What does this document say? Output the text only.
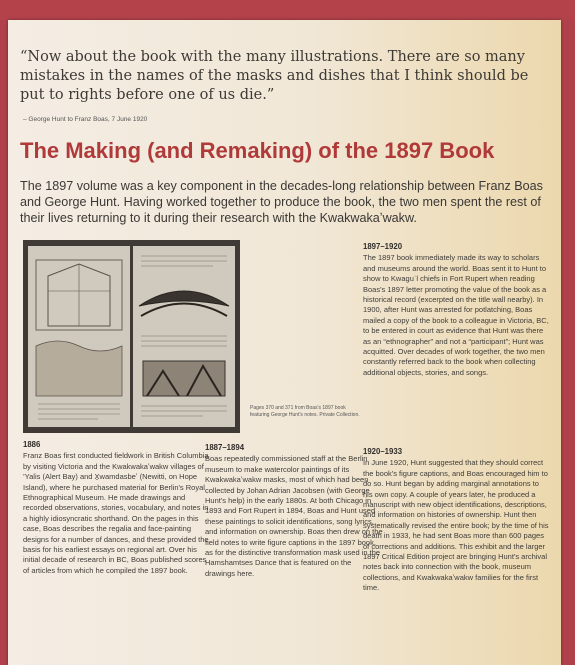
“Now about the book with the many illustrations. There are so many mistakes in the names of the masks and dishes that I think should be put to rights before one of us die.”
– George Hunt to Franz Boas, 7 June 1920
The Making (and Remaking) of the 1897 Book
The 1897 volume was a key component in the decades-long relationship between Franz Boas and George Hunt. Having worked together to produce the book, the two men spent the rest of their lives returning to it during their research with the Kwakwakaʼwakw.
Pages 370 and 371 from Boas's 1897 book featuring George Hunt's notes. Private Collection.
1886

Franz Boas first conducted fieldwork in British Columbia by visiting Victoria and the Kwakwakaʼwakw villages of ’Yalis (Alert Bay) and X̱wamdasbeʼ (Newitti, on Hope Island), where he purchased material for Berlin's Royal Ethnographical Museum. He made drawings and recorded observations, stories, vocabulary, and notes in a highly idiosyncratic shorthand. On the pages in this case, Boas describes the regalia and face-painting designs for a number of dances, and these provided the basis for his earliest essays on regional art. Over his initial decade of research in BC, Boas published scores of articles from which he compiled the 1897 book.

1887–1894

Boas repeatedly commissioned staff at the Berlin museum to make watercolor paintings of its Kwakwakaʼwakw masks, most of which had been collected by Johan Adrian Jacobsen (with George Hunt's help) in the early 1880s. At both Chicago in 1893 and Fort Rupert in 1894, Boas and Hunt used these paintings to solicit identifications, song lyrics, and information on ownership. Boas then drew on the field notes to write figure captions in the 1897 book, as for the distinctive transformation mask used in the Hamshamtses Dance that is featured on the drawings here.

1897–1920

The 1897 book immediately made its way to scholars and museums around the world. Boas sent it to Hunt to show to Kwaguʾl chiefs in Fort Rupert when reading Boas's 1897 letter promoting the value of the book as a historical record (excerpted on the title wall nearby). In 1900, after Hunt was arrested for potlatching, Boas mailed a copy of the book to a colleague in Victoria, BC, to be entered in court as evidence that Hunt was there as an “ethnographer” and not a “participant”; Hunt was acquitted. Over decades of work together, the two men constantly referred back to the book when collecting additional objects, stories, and songs.

1920–1933

In June 1920, Hunt suggested that they should correct the book's figure captions, and Boas encouraged him to do so. Hunt began by adding marginal annotations to his own copy. A couple of years later, he produced a manuscript with new object identifications, descriptions, and information on histories of ownership. Hunt then systematically revised the entire book; by the time of his death in 1933, he had sent Boas more than 600 pages of corrections and additions. This exhibit and the larger 1897 Critical Edition project are bringing Hunt's archival notes back into connection with the book, museum collections, and Kwakwakaʼwakw families for the first time.
